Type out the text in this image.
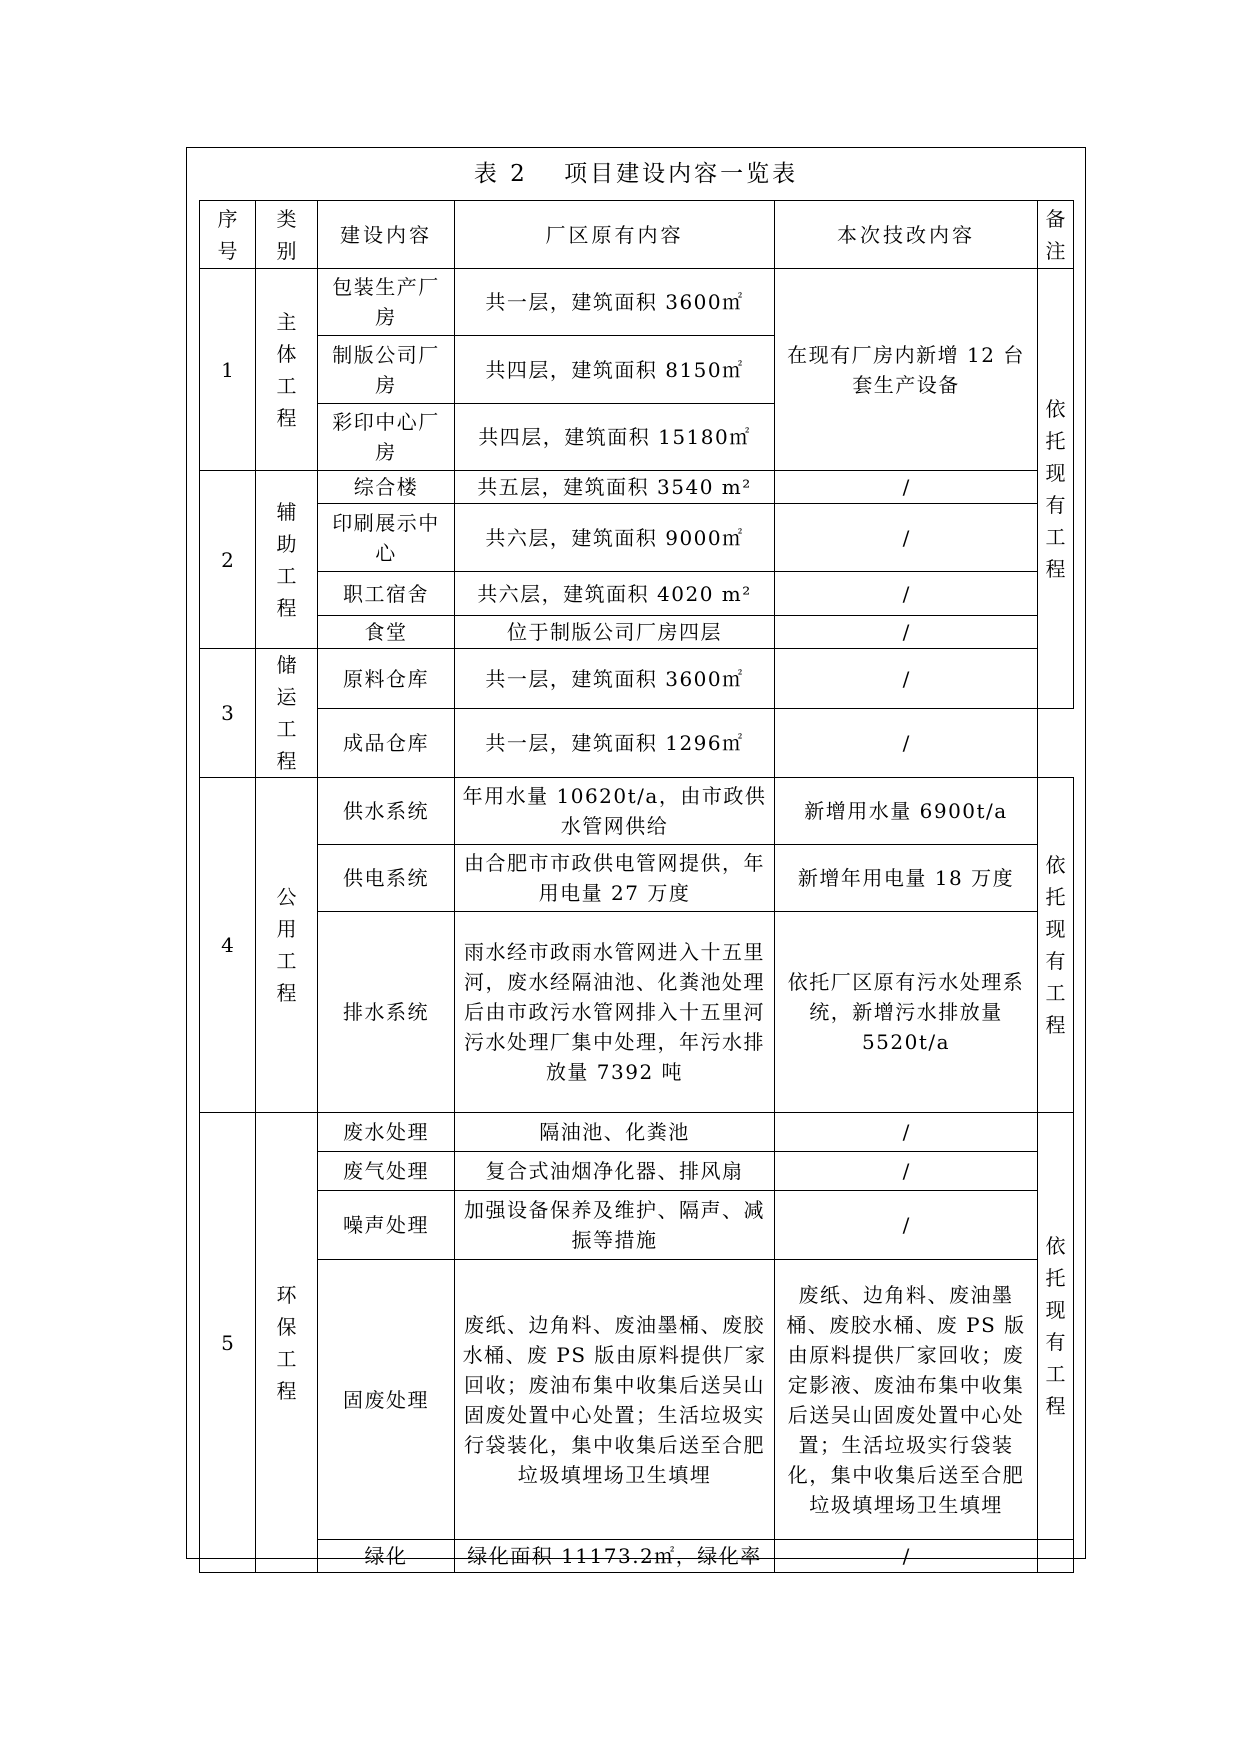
表 2　 项目建设内容一览表
序号	类别	建设内容	厂区原有内容	本次技改内容	备注

1	主体工程	包装生产厂房	共一层，建筑面积 3600㎡	在现有厂房内新增 12 台套生产设备	依托现有工程

		制版公司厂房	共四层，建筑面积 8150㎡		
		彩印中心厂房	共四层，建筑面积 15180㎡		
2	辅助工程	综合楼	共五层，建筑面积 3540 m²	/	
		印刷展示中心	共六层，建筑面积 9000㎡	/	
		职工宿舍	共六层，建筑面积 4020 m²	/	
		食堂	位于制版公司厂房四层	/	
3	储运工程	原料仓库	共一层，建筑面积 3600㎡	/	
		成品仓库	共一层，建筑面积 1296㎡	/	
4	公用工程	供水系统	年用水量 10620t/a，由市政供水管网供给	新增用水量 6900t/a	依托现有工程

		供电系统	由合肥市市政供电管网提供，年用电量 27 万度	新增年用电量 18 万度	
		排水系统	雨水经市政雨水管网进入十五里河，废水经隔油池、化粪池处理后由市政污水管网排入十五里河污水处理厂集中处理，年污水排放量 7392 吨	依托厂区原有污水处理系统，新增污水排放量 5520t/a	
5	环保工程	废水处理	隔油池、化粪池	/	依托现有工程

		废气处理	复合式油烟净化器、排风扇	/	
		噪声处理	加强设备保养及维护、隔声、减振等措施	/	
		固废处理	废纸、边角料、废油墨桶、废胶水桶、废 PS 版由原料提供厂家回收；废油布集中收集后送吴山固废处置中心处置；生活垃圾实行袋装化，集中收集后送至合肥垃圾填埋场卫生填埋	废纸、边角料、废油墨桶、废胶水桶、废 PS 版由原料提供厂家回收；废定影液、废油布集中收集后送吴山固废处置中心处置；生活垃圾实行袋装化，集中收集后送至合肥垃圾填埋场卫生填埋	
		绿化	绿化面积 11173.2㎡，绿化率	/	
